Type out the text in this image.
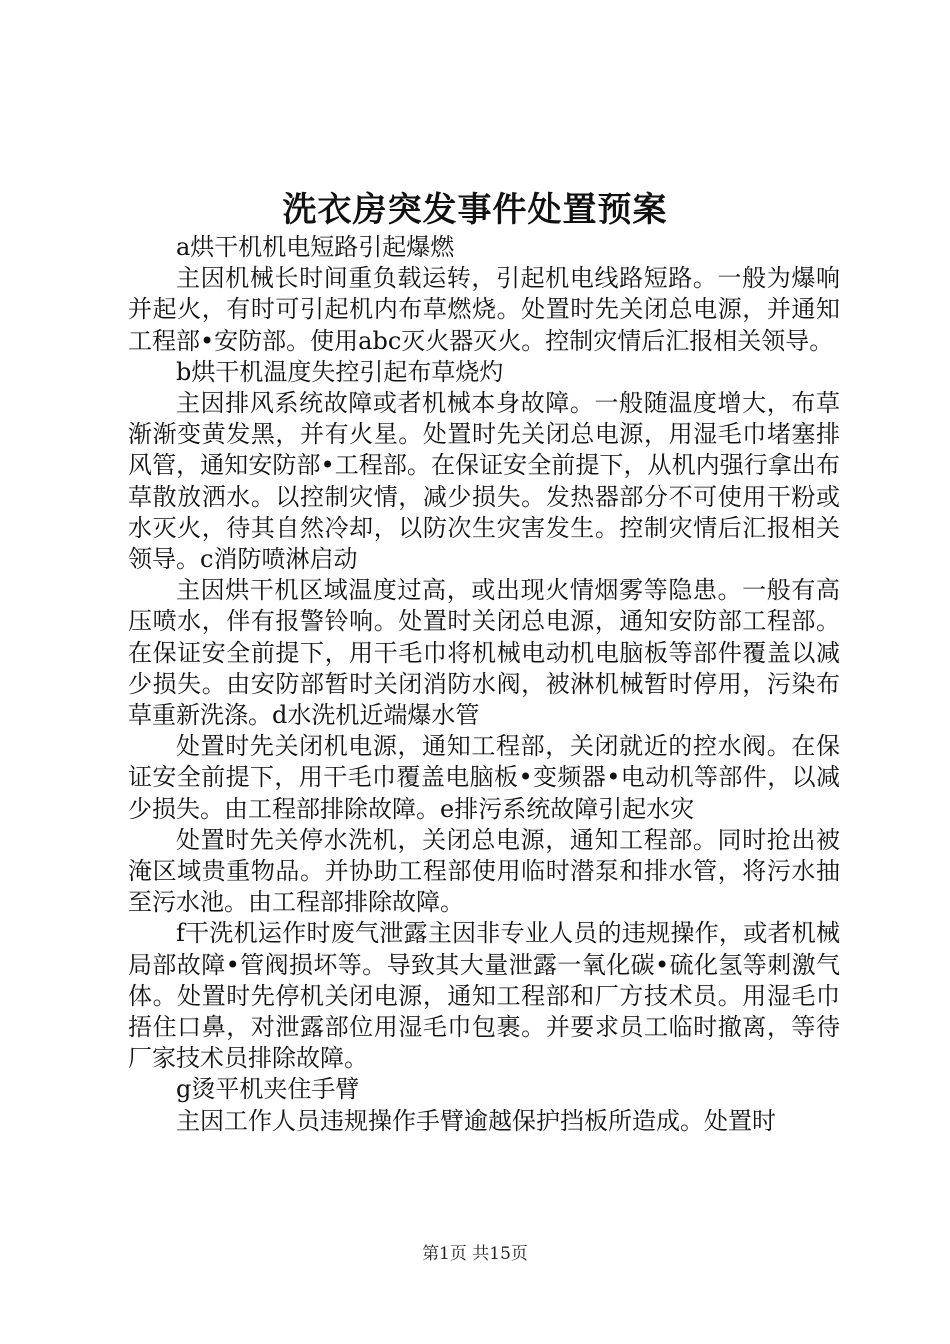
洗衣房突发事件处置预案

a烘干机机电短路引起爆燃

主因机械长时间重负载运转，引起机电线路短路。一般为爆响并起火，有时可引起机内布草燃烧。处置时先关闭总电源，并通知工程部•安防部。使用abc灭火器灭火。控制灾情后汇报相关领导。

b烘干机温度失控引起布草烧灼

主因排风系统故障或者机械本身故障。一般随温度增大，布草渐渐变黄发黑，并有火星。处置时先关闭总电源，用湿毛巾堵塞排风管，通知安防部•工程部。在保证安全前提下，从机内强行拿出布草散放洒水。以控制灾情，减少损失。发热器部分不可使用干粉或水灭火，待其自然冷却，以防次生灾害发生。控制灾情后汇报相关领导。c消防喷淋启动

主因烘干机区域温度过高，或出现火情烟雾等隐患。一般有高压喷水，伴有报警铃响。处置时关闭总电源，通知安防部工程部。在保证安全前提下，用干毛巾将机械电动机电脑板等部件覆盖以减少损失。由安防部暂时关闭消防水阀，被淋机械暂时停用，污染布草重新洗涤。d水洗机近端爆水管

处置时先关闭机电源，通知工程部，关闭就近的控水阀。在保证安全前提下，用干毛巾覆盖电脑板•变频器•电动机等部件，以减少损失。由工程部排除故障。e排污系统故障引起水灾

处置时先关停水洗机，关闭总电源，通知工程部。同时抢出被淹区域贵重物品。并协助工程部使用临时潜泵和排水管，将污水抽至污水池。由工程部排除故障。

f干洗机运作时废气泄露主因非专业人员的违规操作，或者机械局部故障•管阀损坏等。导致其大量泄露一氧化碳•硫化氢等刺激气体。处置时先停机关闭电源，通知工程部和厂方技术员。用湿毛巾捂住口鼻，对泄露部位用湿毛巾包裹。并要求员工临时撤离，等待厂家技术员排除故障。

g烫平机夹住手臂

主因工作人员违规操作手臂逾越保护挡板所造成。处置时

第1页 共15页
